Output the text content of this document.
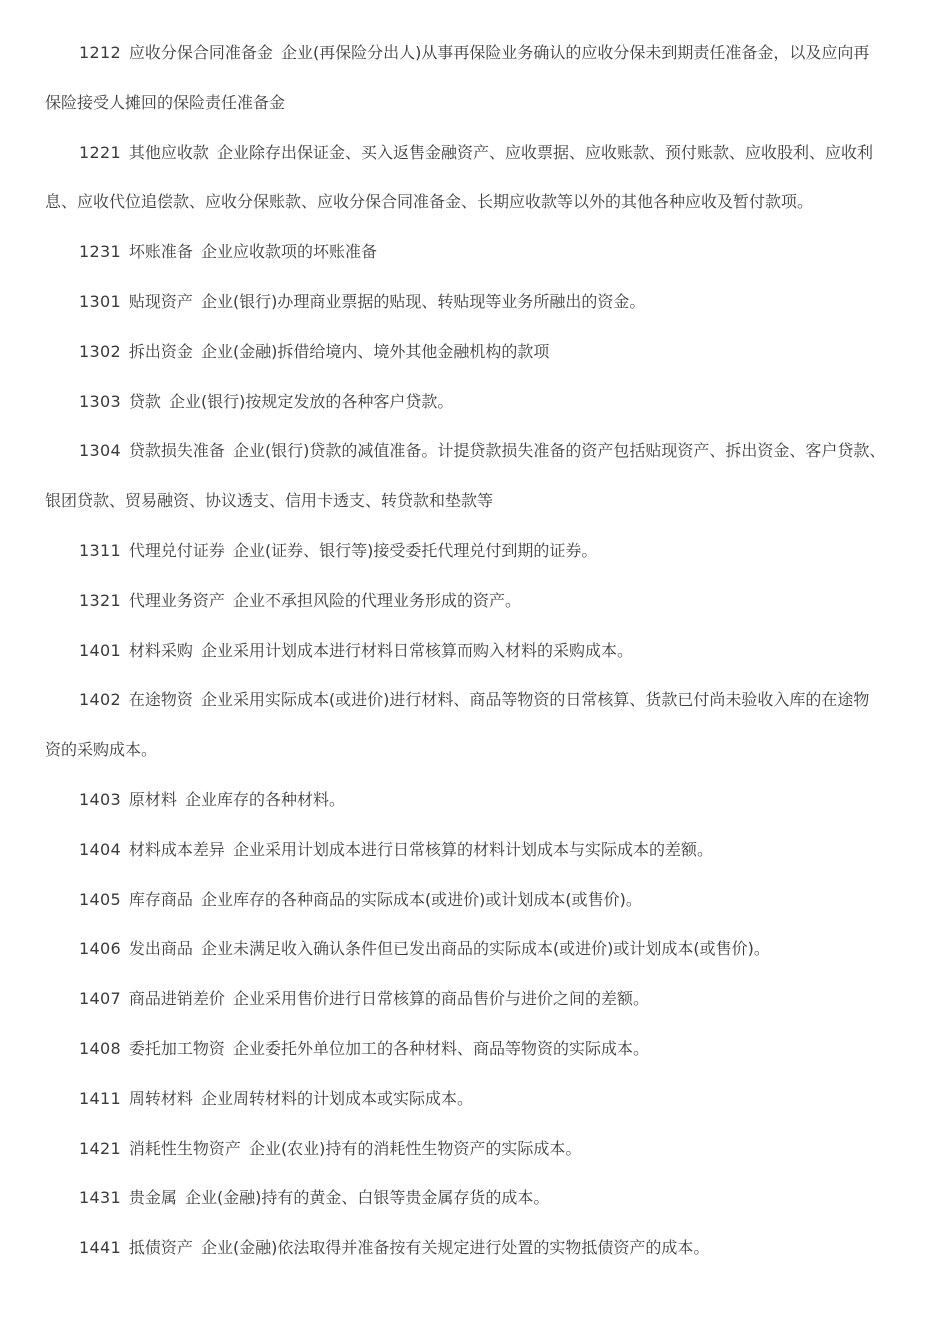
1212 应收分保合同准备金 企业(再保险分出人)从事再保险业务确认的应收分保未到期责任准备金，以及应向再
保险接受人摊回的保险责任准备金
1221 其他应收款 企业除存出保证金、买入返售金融资产、应收票据、应收账款、预付账款、应收股利、应收利
息、应收代位追偿款、应收分保账款、应收分保合同准备金、长期应收款等以外的其他各种应收及暂付款项。
1231 坏账准备 企业应收款项的坏账准备
1301 贴现资产 企业(银行)办理商业票据的贴现、转贴现等业务所融出的资金。
1302 拆出资金 企业(金融)拆借给境内、境外其他金融机构的款项
1303 贷款 企业(银行)按规定发放的各种客户贷款。
1304 贷款损失准备 企业(银行)贷款的减值准备。计提贷款损失准备的资产包括贴现资产、拆出资金、客户贷款、
银团贷款、贸易融资、协议透支、信用卡透支、转贷款和垫款等
1311 代理兑付证券 企业(证券、银行等)接受委托代理兑付到期的证券。
1321 代理业务资产 企业不承担风险的代理业务形成的资产。
1401 材料采购 企业采用计划成本进行材料日常核算而购入材料的采购成本。
1402 在途物资 企业采用实际成本(或进价)进行材料、商品等物资的日常核算、货款已付尚未验收入库的在途物
资的采购成本。
1403 原材料 企业库存的各种材料。
1404 材料成本差异 企业采用计划成本进行日常核算的材料计划成本与实际成本的差额。
1405 库存商品 企业库存的各种商品的实际成本(或进价)或计划成本(或售价)。
1406 发出商品 企业未满足收入确认条件但已发出商品的实际成本(或进价)或计划成本(或售价)。
1407 商品进销差价 企业采用售价进行日常核算的商品售价与进价之间的差额。
1408 委托加工物资 企业委托外单位加工的各种材料、商品等物资的实际成本。
1411 周转材料 企业周转材料的计划成本或实际成本。
1421 消耗性生物资产 企业(农业)持有的消耗性生物资产的实际成本。
1431 贵金属 企业(金融)持有的黄金、白银等贵金属存货的成本。
1441 抵债资产 企业(金融)依法取得并准备按有关规定进行处置的实物抵债资产的成本。
